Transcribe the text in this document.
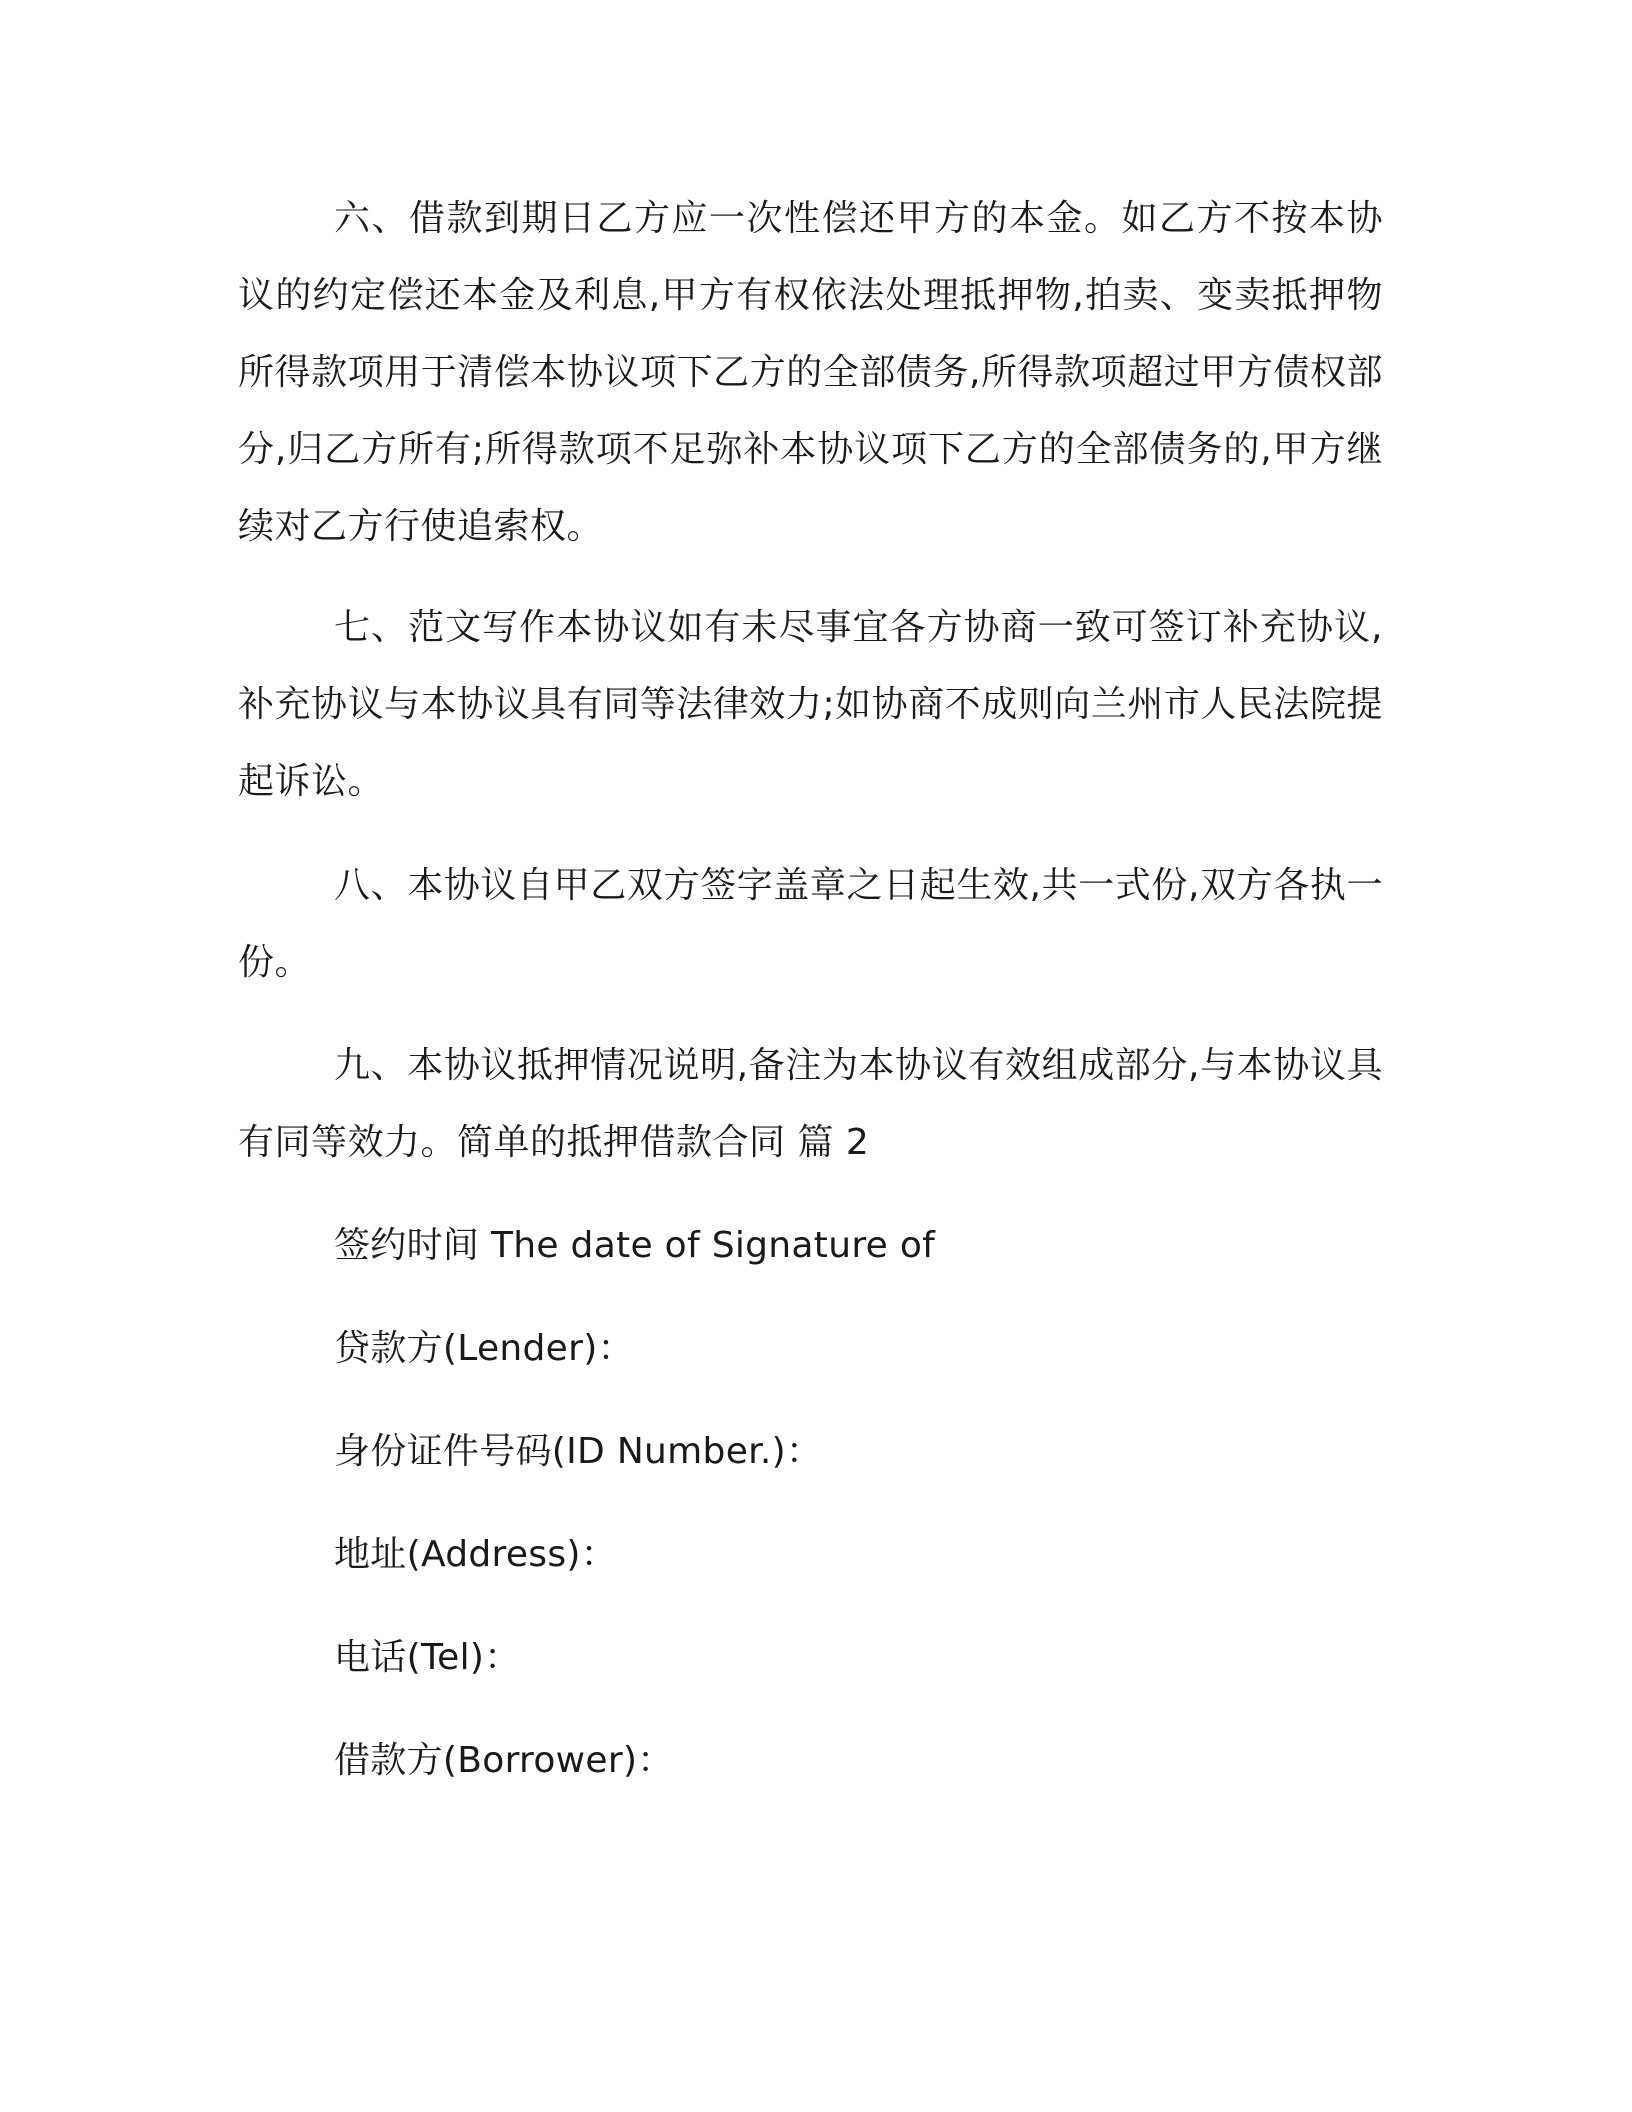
六、借款到期日乙方应一次性偿还甲方的本金。如乙方不按本协议的约定偿还本金及利息,甲方有权依法处理抵押物,拍卖、变卖抵押物所得款项用于清偿本协议项下乙方的全部债务,所得款项超过甲方债权部分,归乙方所有;所得款项不足弥补本协议项下乙方的全部债务的,甲方继续对乙方行使追索权。

七、范文写作本协议如有未尽事宜各方协商一致可签订补充协议,补充协议与本协议具有同等法律效力;如协商不成则向兰州市人民法院提起诉讼。

八、本协议自甲乙双方签字盖章之日起生效,共一式份,双方各执一份。

九、本协议抵押情况说明,备注为本协议有效组成部分,与本协议具有同等效力。简单的抵押借款合同 篇 2

签约时间 The date of Signature of

贷款方(Lender)：

身份证件号码(ID Number.)：

地址(Address)：

电话(Tel)：

借款方(Borrower)：
